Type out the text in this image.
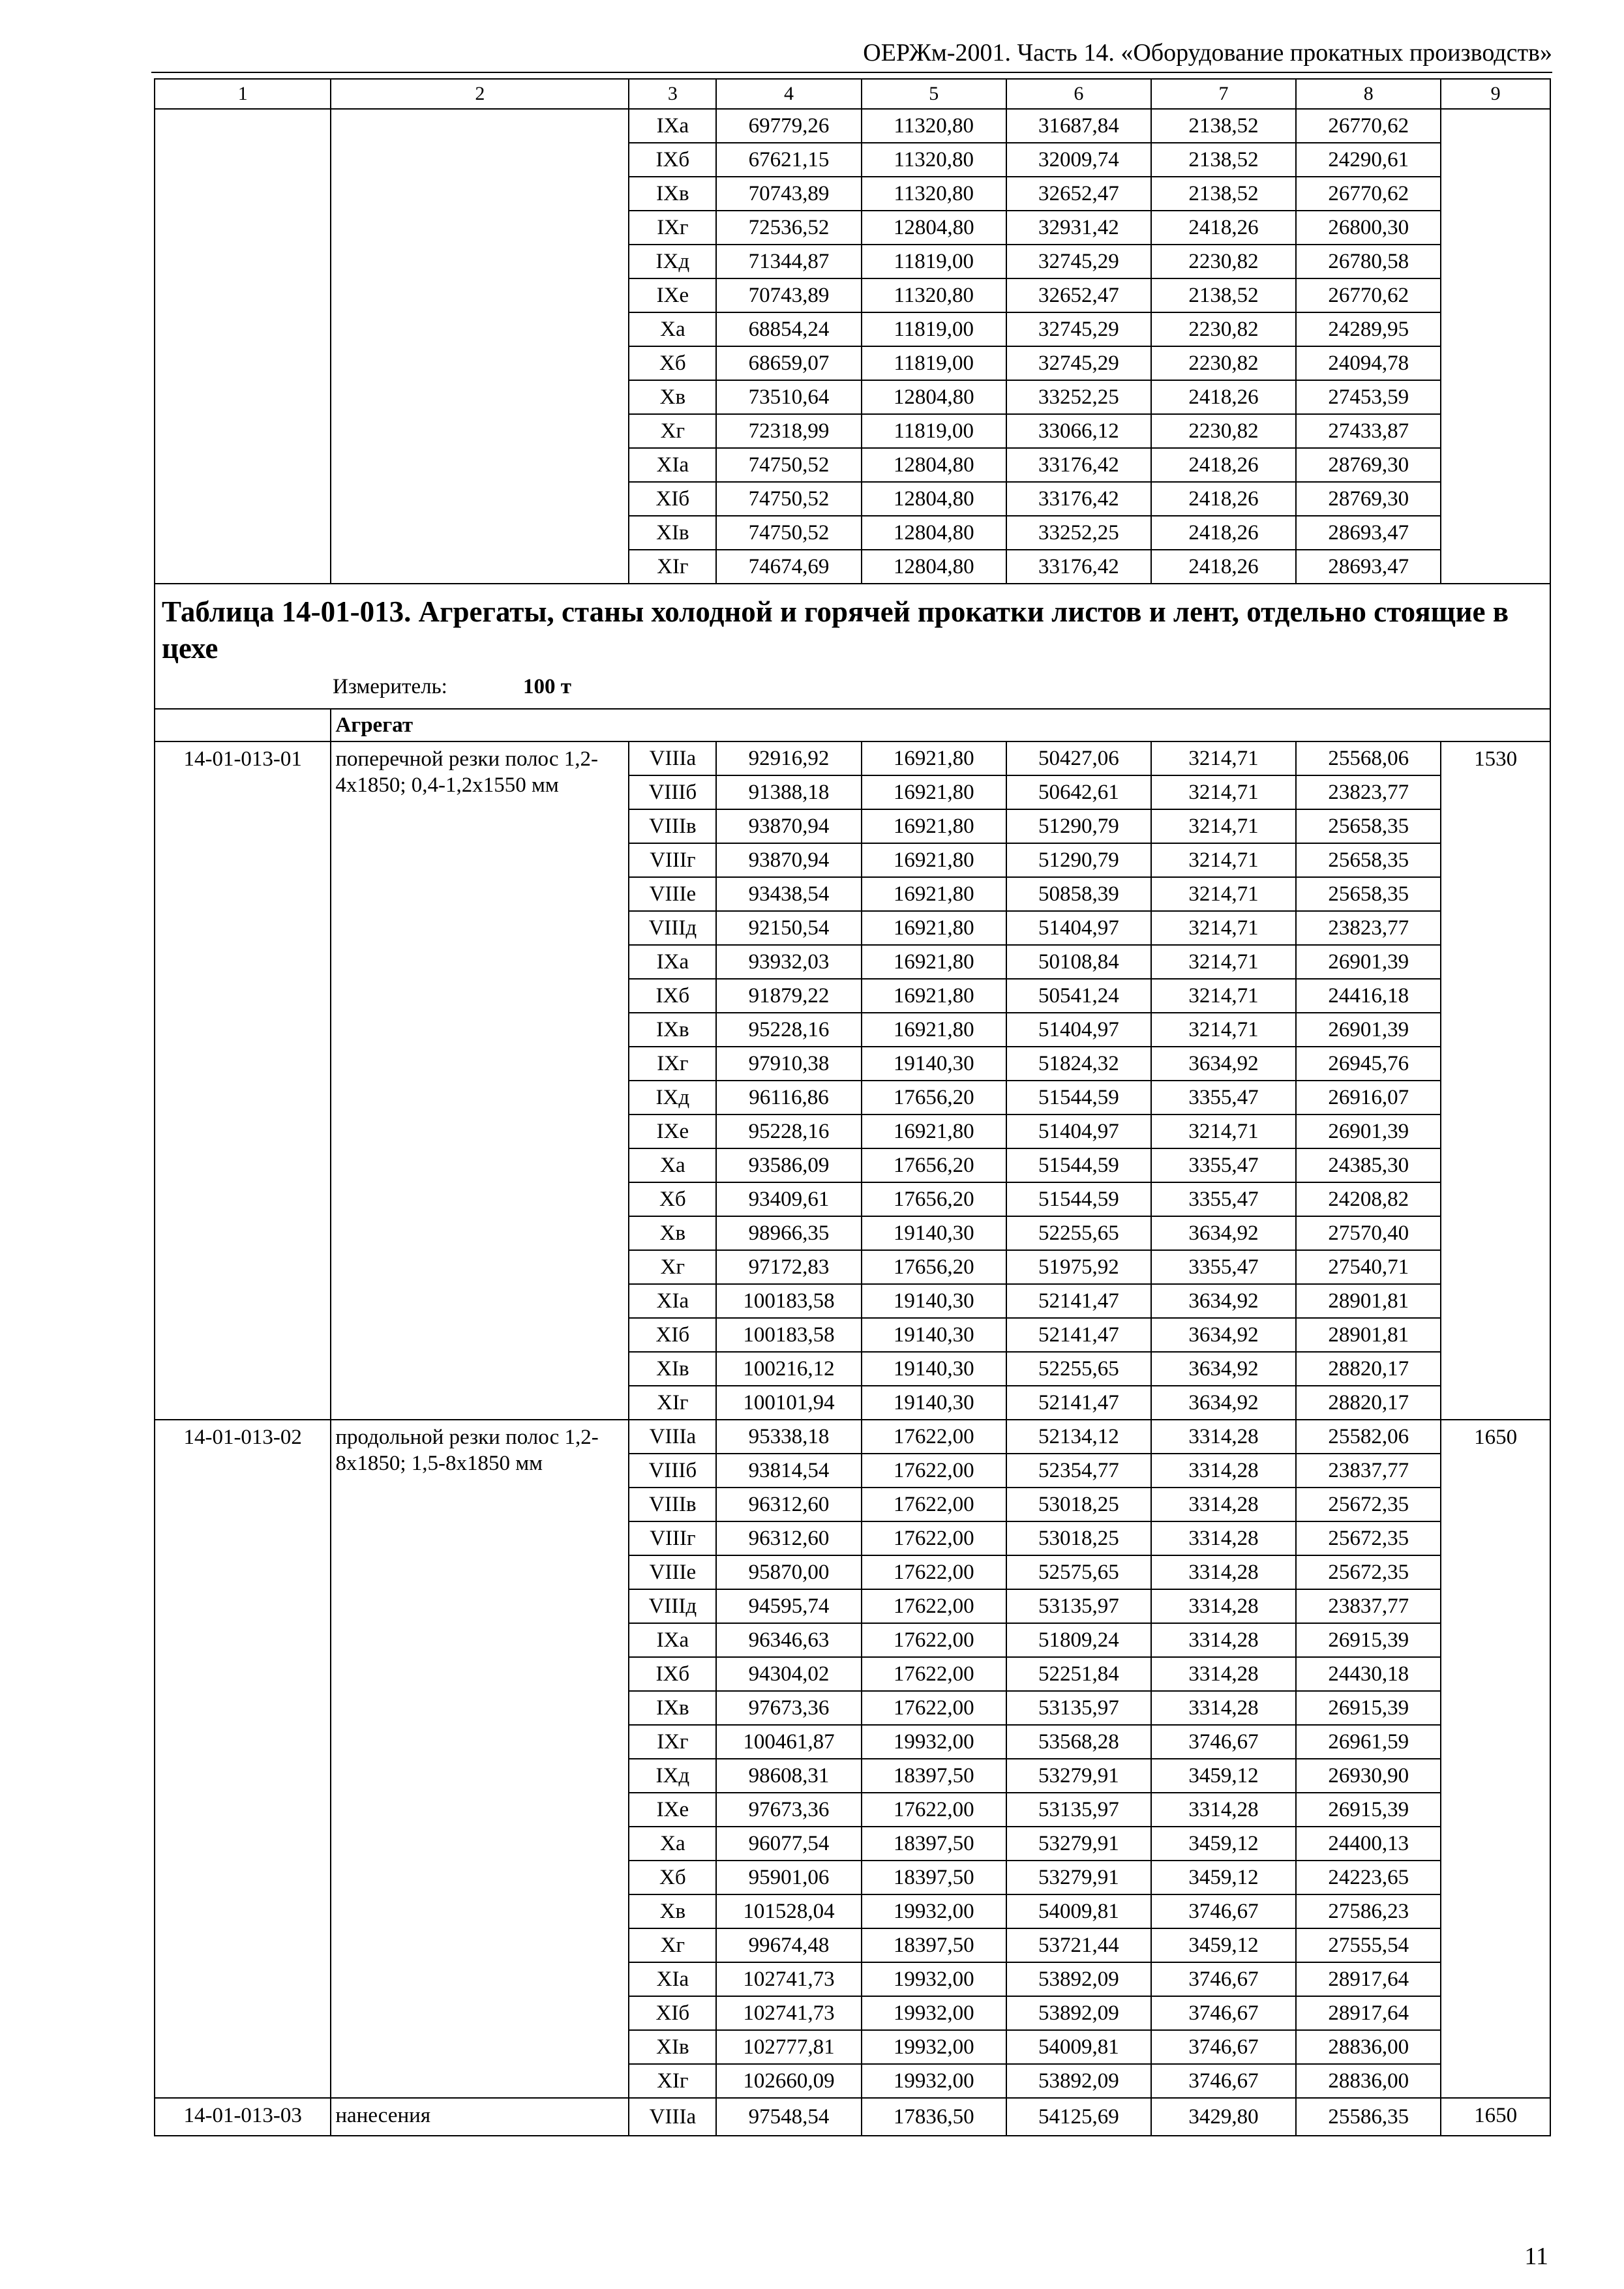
ОЕРЖм-2001. Часть 14. «Оборудование прокатных производств»
1	2	3	4	5	6	7	8	9
		IXа	69779,26	11320,80	31687,84	2138,52	26770,62	
		IXб	67621,15	11320,80	32009,74	2138,52	24290,61	
		IXв	70743,89	11320,80	32652,47	2138,52	26770,62	
		IXг	72536,52	12804,80	32931,42	2418,26	26800,30	
		IXд	71344,87	11819,00	32745,29	2230,82	26780,58	
		IXе	70743,89	11320,80	32652,47	2138,52	26770,62	
		Xа	68854,24	11819,00	32745,29	2230,82	24289,95	
		Xб	68659,07	11819,00	32745,29	2230,82	24094,78	
		Xв	73510,64	12804,80	33252,25	2418,26	27453,59	
		Xг	72318,99	11819,00	33066,12	2230,82	27433,87	
		XIа	74750,52	12804,80	33176,42	2418,26	28769,30	
		XIб	74750,52	12804,80	33176,42	2418,26	28769,30	
		XIв	74750,52	12804,80	33252,25	2418,26	28693,47	
		XIг	74674,69	12804,80	33176,42	2418,26	28693,47	

Таблица 14-01-013. Агрегаты, станы холодной и горячей прокатки листов и лент, отдельно стоящие в цехе
Измеритель: 100 т								

	Агрегат							
14-01-013-01	поперечной резки полос 1,2-4х1850; 0,4-1,2х1550 мм	VIIIа	92916,92	16921,80	50427,06	3214,71	25568,06	1530
		VIIIб	91388,18	16921,80	50642,61	3214,71	23823,77	
		VIIIв	93870,94	16921,80	51290,79	3214,71	25658,35	
		VIIIг	93870,94	16921,80	51290,79	3214,71	25658,35	
		VIIIе	93438,54	16921,80	50858,39	3214,71	25658,35	
		VIIIд	92150,54	16921,80	51404,97	3214,71	23823,77	
		IXа	93932,03	16921,80	50108,84	3214,71	26901,39	
		IXб	91879,22	16921,80	50541,24	3214,71	24416,18	
		IXв	95228,16	16921,80	51404,97	3214,71	26901,39	
		IXг	97910,38	19140,30	51824,32	3634,92	26945,76	
		IXд	96116,86	17656,20	51544,59	3355,47	26916,07	
		IXе	95228,16	16921,80	51404,97	3214,71	26901,39	
		Xа	93586,09	17656,20	51544,59	3355,47	24385,30	
		Xб	93409,61	17656,20	51544,59	3355,47	24208,82	
		Xв	98966,35	19140,30	52255,65	3634,92	27570,40	
		Xг	97172,83	17656,20	51975,92	3355,47	27540,71	
		XIа	100183,58	19140,30	52141,47	3634,92	28901,81	
		XIб	100183,58	19140,30	52141,47	3634,92	28901,81	
		XIв	100216,12	19140,30	52255,65	3634,92	28820,17	
		XIг	100101,94	19140,30	52141,47	3634,92	28820,17	
14-01-013-02	продольной резки полос 1,2-8х1850; 1,5-8х1850 мм	VIIIа	95338,18	17622,00	52134,12	3314,28	25582,06	1650
		VIIIб	93814,54	17622,00	52354,77	3314,28	23837,77	
		VIIIв	96312,60	17622,00	53018,25	3314,28	25672,35	
		VIIIг	96312,60	17622,00	53018,25	3314,28	25672,35	
		VIIIе	95870,00	17622,00	52575,65	3314,28	25672,35	
		VIIIд	94595,74	17622,00	53135,97	3314,28	23837,77	
		IXа	96346,63	17622,00	51809,24	3314,28	26915,39	
		IXб	94304,02	17622,00	52251,84	3314,28	24430,18	
		IXв	97673,36	17622,00	53135,97	3314,28	26915,39	
		IXг	100461,87	19932,00	53568,28	3746,67	26961,59	
		IXд	98608,31	18397,50	53279,91	3459,12	26930,90	
		IXе	97673,36	17622,00	53135,97	3314,28	26915,39	
		Xа	96077,54	18397,50	53279,91	3459,12	24400,13	
		Xб	95901,06	18397,50	53279,91	3459,12	24223,65	
		Xв	101528,04	19932,00	54009,81	3746,67	27586,23	
		Xг	99674,48	18397,50	53721,44	3459,12	27555,54	
		XIа	102741,73	19932,00	53892,09	3746,67	28917,64	
		XIб	102741,73	19932,00	53892,09	3746,67	28917,64	
		XIв	102777,81	19932,00	54009,81	3746,67	28836,00	
		XIг	102660,09	19932,00	53892,09	3746,67	28836,00	
14-01-013-03	нанесения	VIIIа	97548,54	17836,50	54125,69	3429,80	25586,35	1650
11
